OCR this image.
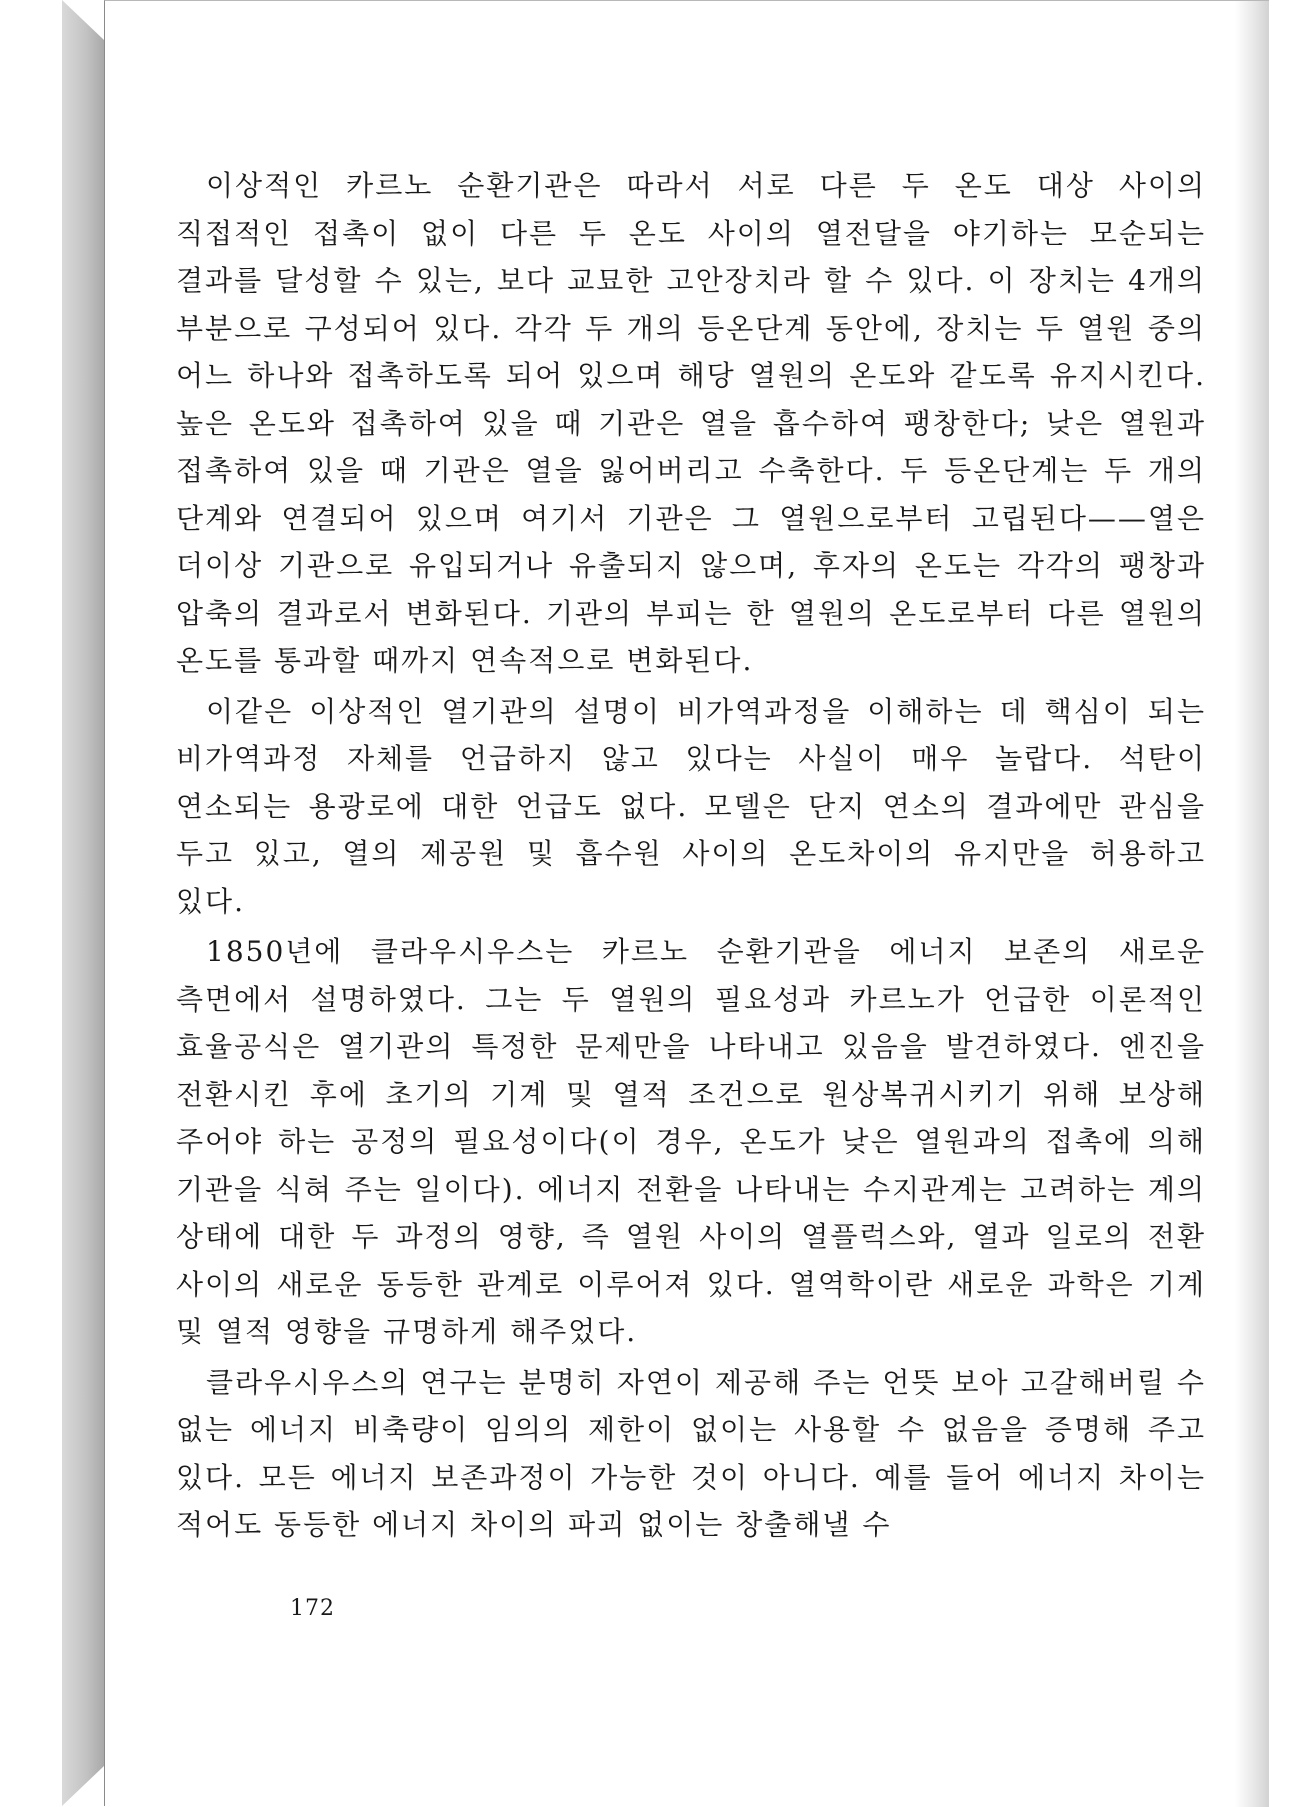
이상적인 카르노 순환기관은 따라서 서로 다른 두 온도 대상 사이의 직접적인 접촉이 없이 다른 두 온도 사이의 열전달을 야기하는 모순되는 결과를 달성할 수 있는, 보다 교묘한 고안장치라 할 수 있다. 이 장치는 4개의 부분으로 구성되어 있다. 각각 두 개의 등온단계 동안에, 장치는 두 열원 중의 어느 하나와 접촉하도록 되어 있으며 해당 열원의 온도와 같도록 유지시킨다. 높은 온도와 접촉하여 있을 때 기관은 열을 흡수하여 팽창한다; 낮은 열원과 접촉하여 있을 때 기관은 열을 잃어버리고 수축한다. 두 등온단계는 두 개의 단계와 연결되어 있으며 여기서 기관은 그 열원으로부터 고립된다——열은 더이상 기관으로 유입되거나 유출되지 않으며, 후자의 온도는 각각의 팽창과 압축의 결과로서 변화된다. 기관의 부피는 한 열원의 온도로부터 다른 열원의 온도를 통과할 때까지 연속적으로 변화된다.

이같은 이상적인 열기관의 설명이 비가역과정을 이해하는 데 핵심이 되는 비가역과정 자체를 언급하지 않고 있다는 사실이 매우 놀랍다. 석탄이 연소되는 용광로에 대한 언급도 없다. 모델은 단지 연소의 결과에만 관심을 두고 있고, 열의 제공원 및 흡수원 사이의 온도차이의 유지만을 허용하고 있다.

1850년에 클라우시우스는 카르노 순환기관을 에너지 보존의 새로운 측면에서 설명하였다. 그는 두 열원의 필요성과 카르노가 언급한 이론적인 효율공식은 열기관의 특정한 문제만을 나타내고 있음을 발견하였다. 엔진을 전환시킨 후에 초기의 기계 및 열적 조건으로 원상복귀시키기 위해 보상해 주어야 하는 공정의 필요성이다(이 경우, 온도가 낮은 열원과의 접촉에 의해 기관을 식혀 주는 일이다). 에너지 전환을 나타내는 수지관계는 고려하는 계의 상태에 대한 두 과정의 영향, 즉 열원 사이의 열플럭스와, 열과 일로의 전환 사이의 새로운 동등한 관계로 이루어져 있다. 열역학이란 새로운 과학은 기계 및 열적 영향을 규명하게 해주었다.

클라우시우스의 연구는 분명히 자연이 제공해 주는 언뜻 보아 고갈해버릴 수 없는 에너지 비축량이 임의의 제한이 없이는 사용할 수 없음을 증명해 주고 있다. 모든 에너지 보존과정이 가능한 것이 아니다. 예를 들어 에너지 차이는 적어도 동등한 에너지 차이의 파괴 없이는 창출해낼 수

172
